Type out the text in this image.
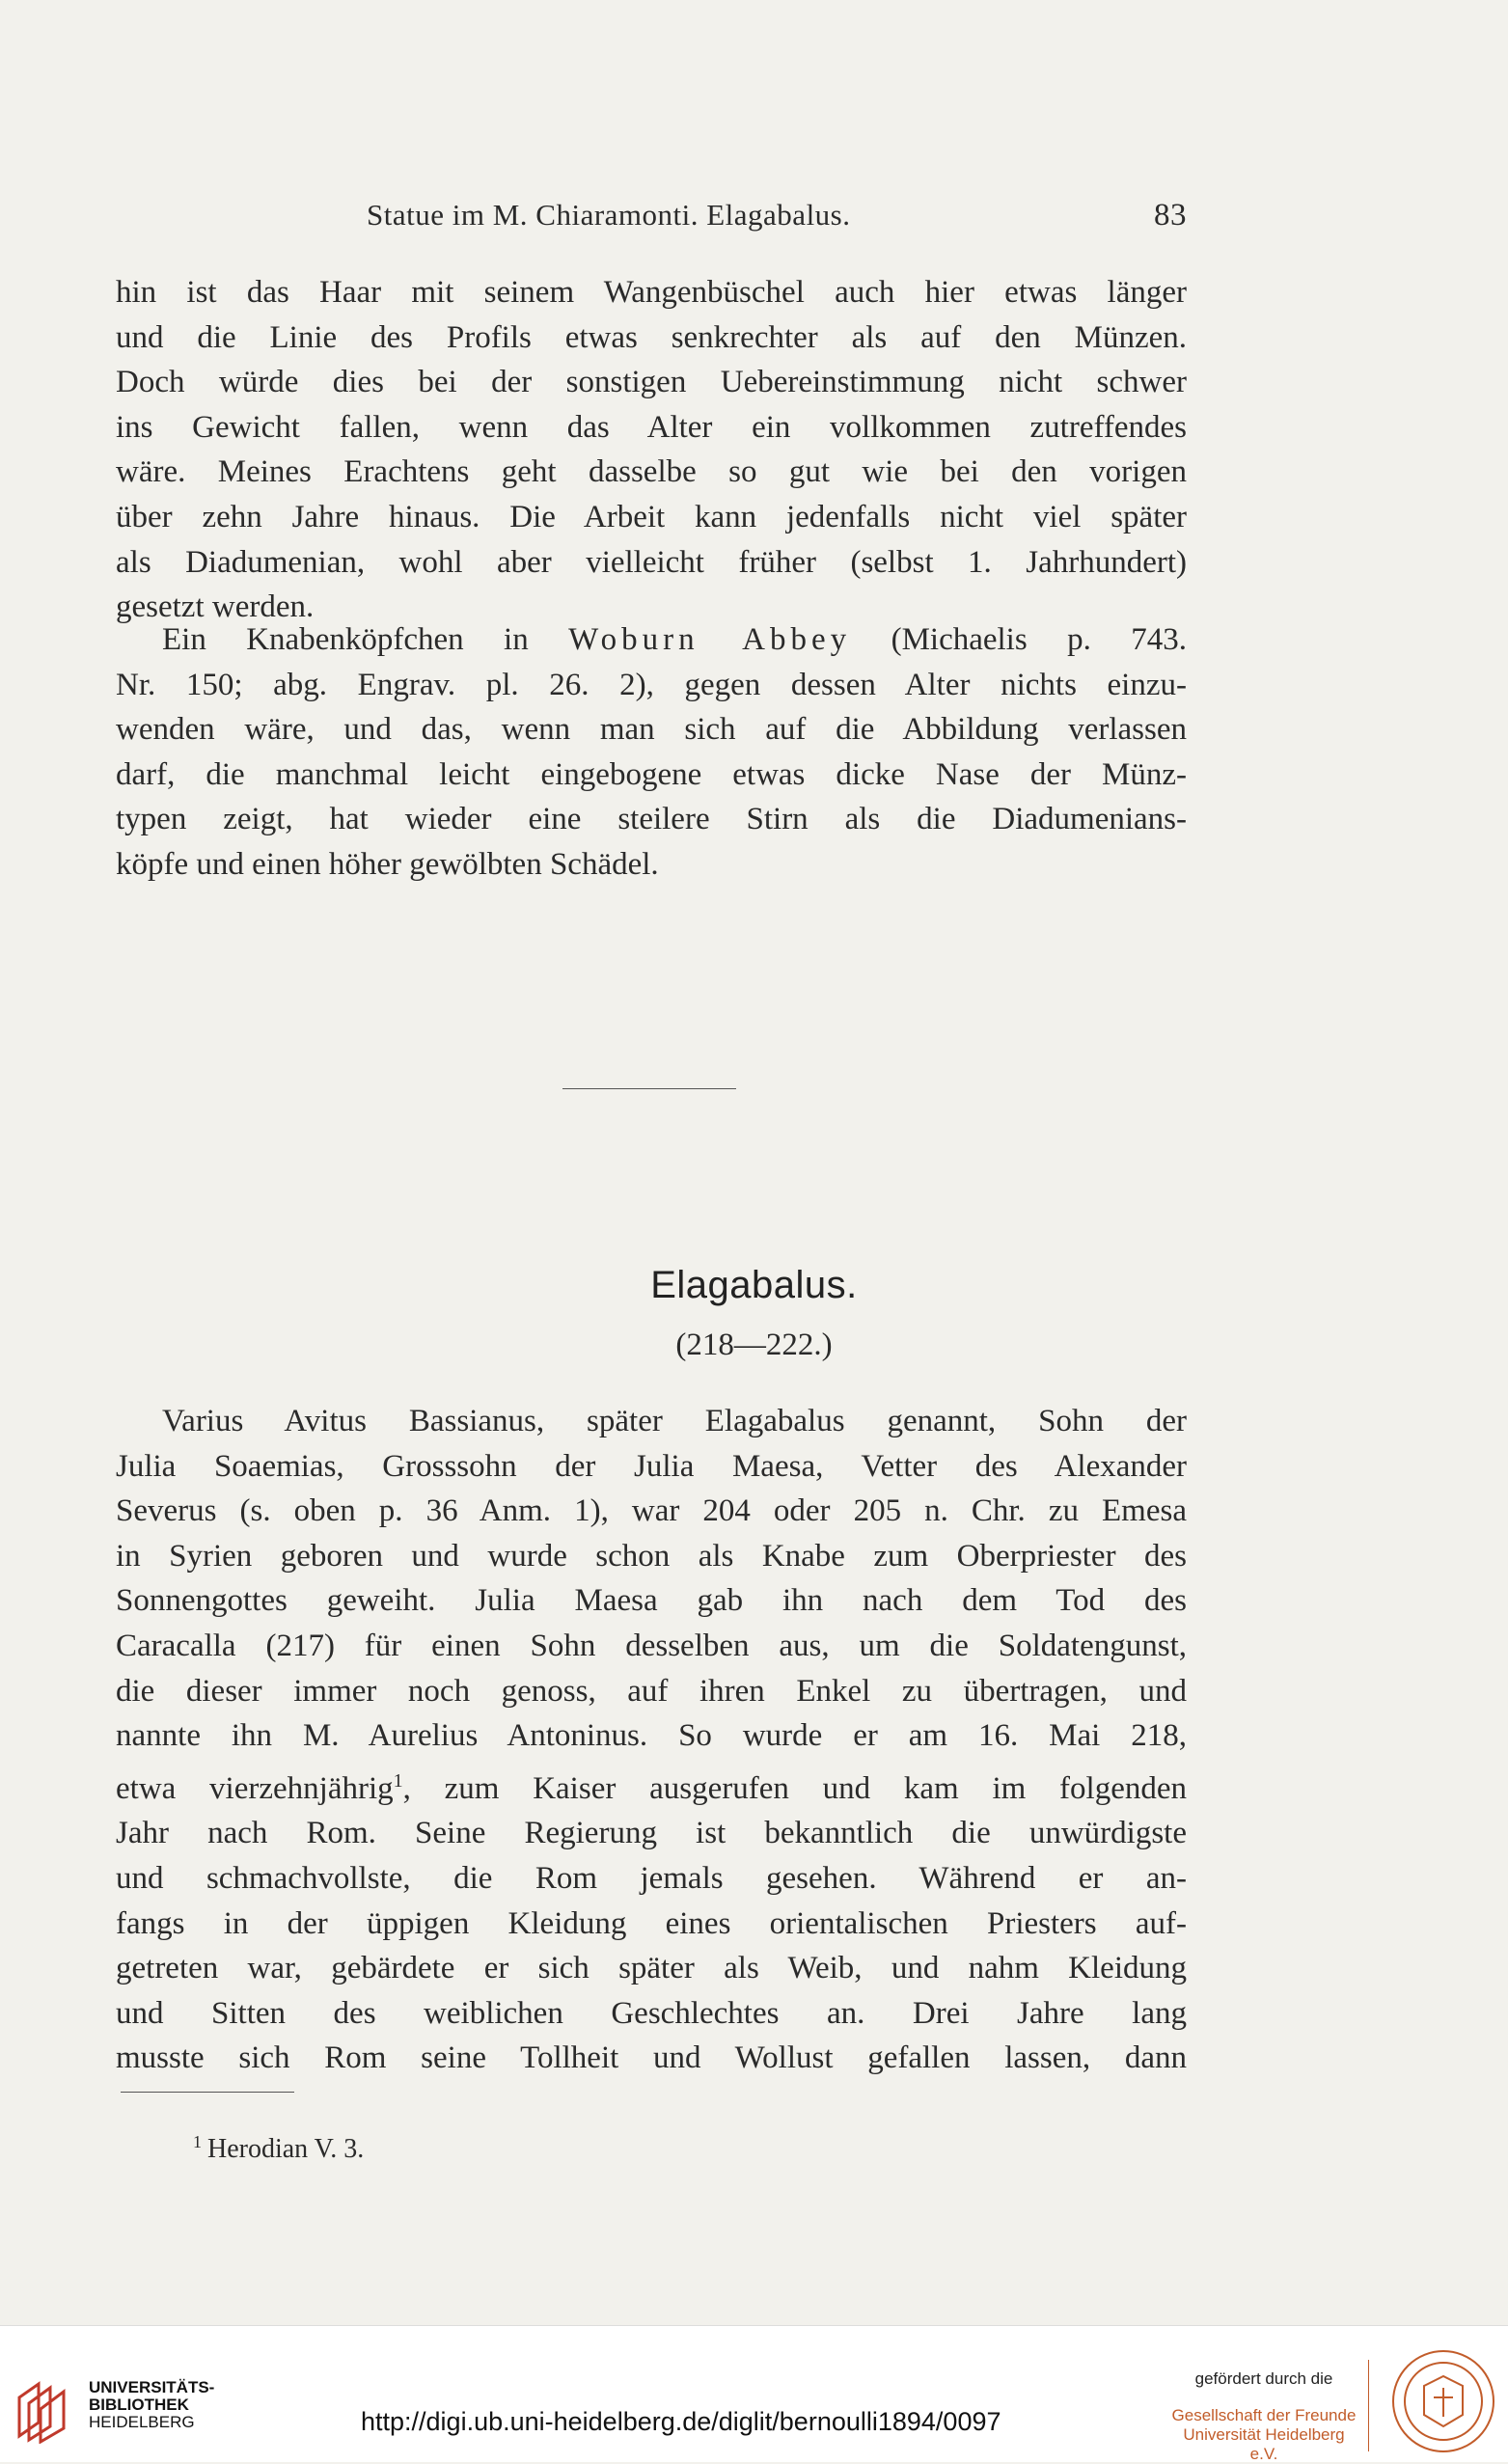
Statue im M. Chiaramonti. Elagabalus.	83
hin ist das Haar mit seinem Wangenbüschel auch hier etwas länger
und die Linie des Profils etwas senkrechter als auf den Münzen.
Doch würde dies bei der sonstigen Uebereinstimmung nicht schwer
ins Gewicht fallen, wenn das Alter ein vollkommen zutreffendes
wäre. Meines Erachtens geht dasselbe so gut wie bei den vorigen
über zehn Jahre hinaus. Die Arbeit kann jedenfalls nicht viel später
als Diadumenian, wohl aber vielleicht früher (selbst 1. Jahrhundert)
gesetzt werden.
Ein Knabenköpfchen in Woburn Abbey (Michaelis p. 743.
Nr. 150; abg. Engrav. pl. 26. 2), gegen dessen Alter nichts einzu-
wenden wäre, und das, wenn man sich auf die Abbildung verlassen
darf, die manchmal leicht eingebogene etwas dicke Nase der Münz-
typen zeigt, hat wieder eine steilere Stirn als die Diadumenians-
köpfe und einen höher gewölbten Schädel.
Elagabalus.
(218—222.)
Varius Avitus Bassianus, später Elagabalus genannt, Sohn der
Julia Soaemias, Grosssohn der Julia Maesa, Vetter des Alexander
Severus (s. oben p. 36 Anm. 1), war 204 oder 205 n. Chr. zu Emesa
in Syrien geboren und wurde schon als Knabe zum Oberpriester des
Sonnengottes geweiht. Julia Maesa gab ihn nach dem Tod des
Caracalla (217) für einen Sohn desselben aus, um die Soldatengunst,
die dieser immer noch genoss, auf ihren Enkel zu übertragen, und
nannte ihn M. Aurelius Antoninus. So wurde er am 16. Mai 218,
etwa vierzehnjährig$^1$, zum Kaiser ausgerufen und kam im folgenden
Jahr nach Rom. Seine Regierung ist bekanntlich die unwürdigste
und schmachvollste, die Rom jemals gesehen. Während er an-
fangs in der üppigen Kleidung eines orientalischen Priesters auf-
getreten war, gebärdete er sich später als Weib, und nahm Kleidung
und Sitten des weiblichen Geschlechtes an. Drei Jahre lang
musste sich Rom seine Tollheit und Wollust gefallen lassen, dann
$^1$ Herodian V. 3.
UNIVERSITÄTS-
BIBLIOTHEK
HEIDELBERG	http://digi.ub.uni-heidelberg.de/diglit/bernoulli1894/0097
gefördert durch die
Gesellschaft der Freunde
Universität Heidelberg e.V.
